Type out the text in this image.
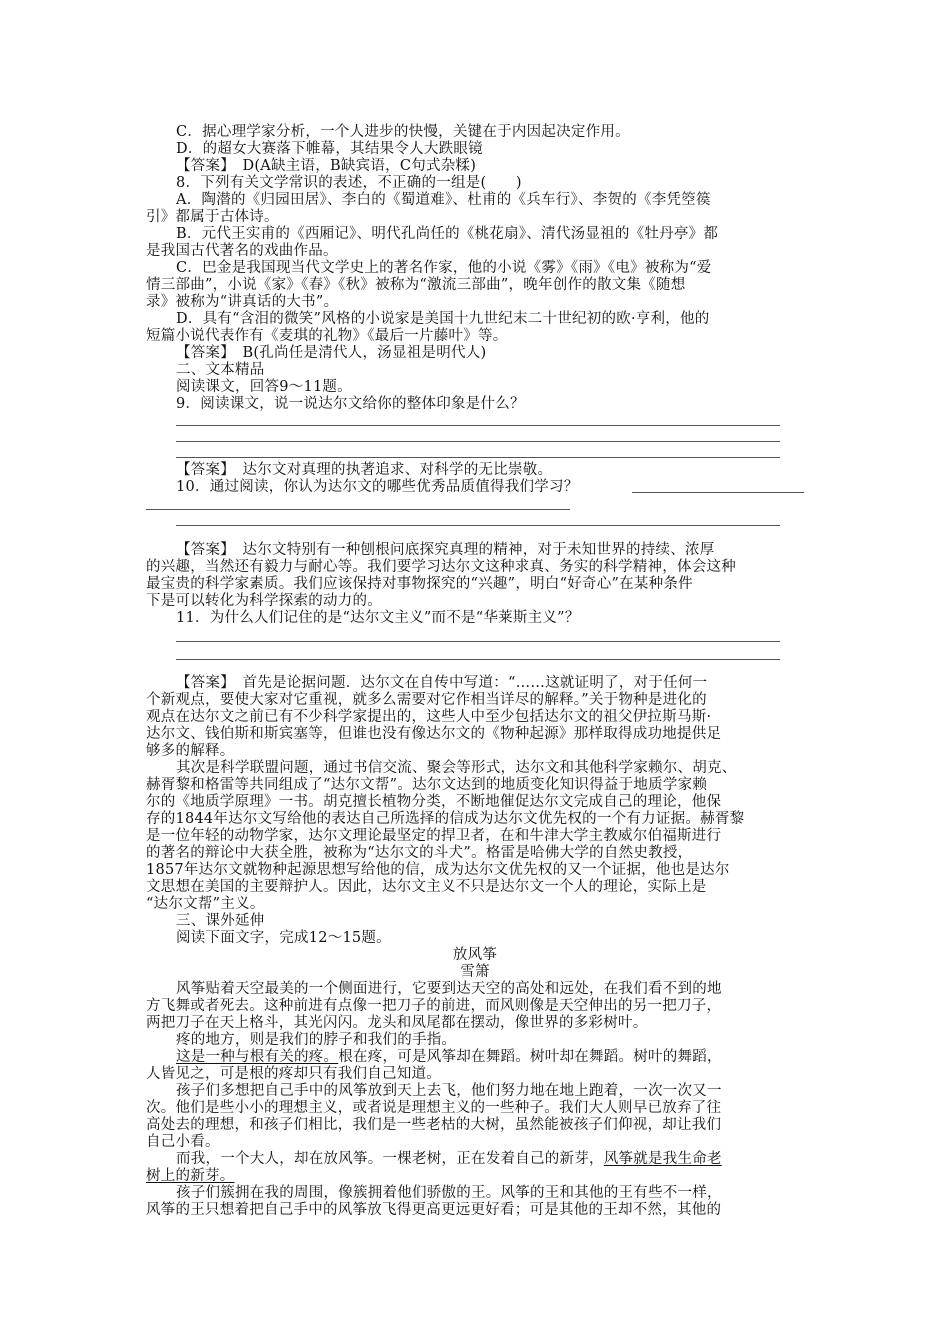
C．据心理学家分析，一个人进步的快慢，关键在于内因起决定作用。
D．的超女大赛落下帷幕，其结果令人大跌眼镜
【答案】　D(A缺主语，B缺宾语，C句式杂糅)
8．下列有关文学常识的表述，不正确的一组是(　　)
A．陶潜的《归园田居》、李白的《蜀道难》、杜甫的《兵车行》、李贺的《李凭箜篌
引》都属于古体诗。
B．元代王实甫的《西厢记》、明代孔尚任的《桃花扇》、清代汤显祖的《牡丹亭》都
是我国古代著名的戏曲作品。
C．巴金是我国现当代文学史上的著名作家，他的小说《雾》《雨》《电》被称为“爱
情三部曲”，小说《家》《春》《秋》被称为“激流三部曲”，晚年创作的散文集《随想
录》被称为“讲真话的大书”。
D．具有“含泪的微笑”风格的小说家是美国十九世纪末二十世纪初的欧·亨利，他的
短篇小说代表作有《麦琪的礼物》《最后一片藤叶》等。
【答案】　B(孔尚任是清代人，汤显祖是明代人)
二、文本精品
阅读课文，回答9～11题。
9．阅读课文，说一说达尔文给你的整体印象是什么？
【答案】　达尔文对真理的执著追求、对科学的无比崇敬。
10．通过阅读，你认为达尔文的哪些优秀品质值得我们学习？
【答案】　达尔文特别有一种刨根问底探究真理的精神，对于未知世界的持续、浓厚
的兴趣，当然还有毅力与耐心等。我们要学习达尔文这种求真、务实的科学精神，体会这种
最宝贵的科学家素质。我们应该保持对事物探究的“兴趣”，明白“好奇心”在某种条件
下是可以转化为科学探索的动力的。
11．为什么人们记住的是“达尔文主义”而不是“华莱斯主义”？
【答案】　首先是论据问题．达尔文在自传中写道：“……这就证明了，对于任何一
个新观点，要使大家对它重视，就多么需要对它作相当详尽的解释。”关于物种是进化的
观点在达尔文之前已有不少科学家提出的，这些人中至少包括达尔文的祖父伊拉斯马斯·
达尔文、钱伯斯和斯宾塞等，但谁也没有像达尔文的《物种起源》那样取得成功地提供足
够多的解释。
其次是科学联盟问题，通过书信交流、聚会等形式，达尔文和其他科学家赖尔、胡克、
赫胥黎和格雷等共同组成了“达尔文帮”。达尔文达到的地质变化知识得益于地质学家赖
尔的《地质学原理》一书。胡克擅长植物分类，不断地催促达尔文完成自己的理论，他保
存的1844年达尔文写给他的表达自己所选择的信成为达尔文优先权的一个有力证据。赫胥黎
是一位年轻的动物学家，达尔文理论最坚定的捍卫者，在和牛津大学主教威尔伯福斯进行
的著名的辩论中大获全胜，被称为“达尔文的斗犬”。格雷是哈佛大学的自然史教授，
1857年达尔文就物种起源思想写给他的信，成为达尔文优先权的又一个证据，他也是达尔
文思想在美国的主要辩护人。因此，达尔文主义不只是达尔文一个人的理论，实际上是
“达尔文帮”主义。
三、课外延伸
阅读下面文字，完成12～15题。
放风筝
雪箫
风筝贴着天空最美的一个侧面进行，它要到达天空的高处和远处，在我们看不到的地
方飞舞或者死去。这种前进有点像一把刀子的前进，而风则像是天空伸出的另一把刀子，
两把刀子在天上格斗，其光闪闪。龙头和凤尾都在摆动，像世界的多彩树叶。
疼的地方，则是我们的脖子和我们的手指。
这是一种与根有关的疼。根在疼，可是风筝却在舞蹈。树叶却在舞蹈。树叶的舞蹈，
人皆见之，可是根的疼却只有我们自己知道。
孩子们多想把自己手中的风筝放到天上去飞，他们努力地在地上跑着，一次一次又一
次。他们是些小小的理想主义，或者说是理想主义的一些种子。我们大人则早已放弃了往
高处去的理想，和孩子们相比，我们是一些老枯的大树，虽然能被孩子们仰视，却让我们
自己小看。
而我，一个大人，却在放风筝。一棵老树，正在发着自己的新芽，风筝就是我生命老
树上的新芽。
孩子们簇拥在我的周围，像簇拥着他们骄傲的王。风筝的王和其他的王有些不一样，
风筝的王只想着把自己手中的风筝放飞得更高更远更好看；可是其他的王却不然，其他的
